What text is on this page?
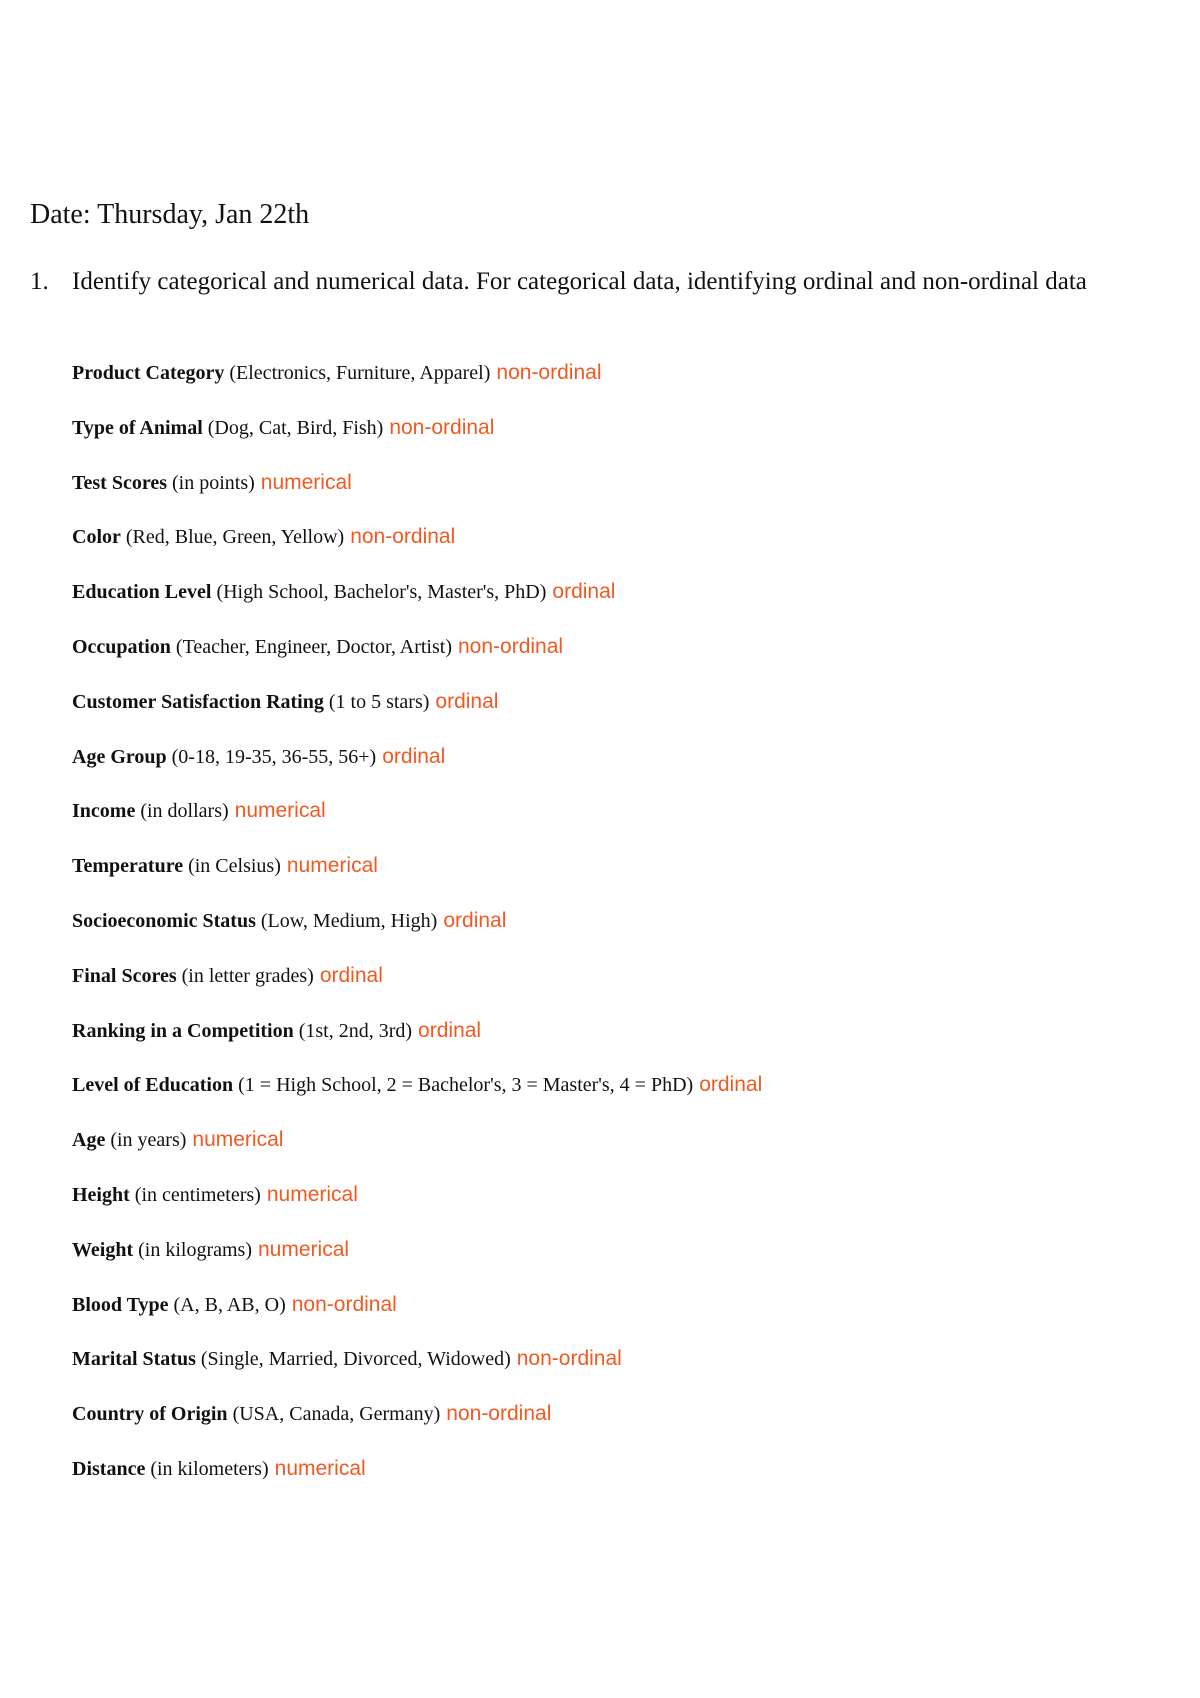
Date: Thursday, Jan 22th
1. Identify categorical and numerical data. For categorical data, identifying ordinal and non-ordinal data
Product Category (Electronics, Furniture, Apparel) non-ordinal
Type of Animal (Dog, Cat, Bird, Fish) non-ordinal
Test Scores (in points) numerical
Color (Red, Blue, Green, Yellow) non-ordinal
Education Level (High School, Bachelor's, Master's, PhD) ordinal
Occupation (Teacher, Engineer, Doctor, Artist) non-ordinal
Customer Satisfaction Rating (1 to 5 stars) ordinal
Age Group (0-18, 19-35, 36-55, 56+) ordinal
Income (in dollars) numerical
Temperature (in Celsius) numerical
Socioeconomic Status (Low, Medium, High) ordinal
Final Scores (in letter grades) ordinal
Ranking in a Competition (1st, 2nd, 3rd) ordinal
Level of Education (1 = High School, 2 = Bachelor's, 3 = Master's, 4 = PhD) ordinal
Age (in years) numerical
Height (in centimeters) numerical
Weight (in kilograms) numerical
Blood Type (A, B, AB, O) non-ordinal
Marital Status (Single, Married, Divorced, Widowed) non-ordinal
Country of Origin (USA, Canada, Germany) non-ordinal
Distance (in kilometers) numerical
